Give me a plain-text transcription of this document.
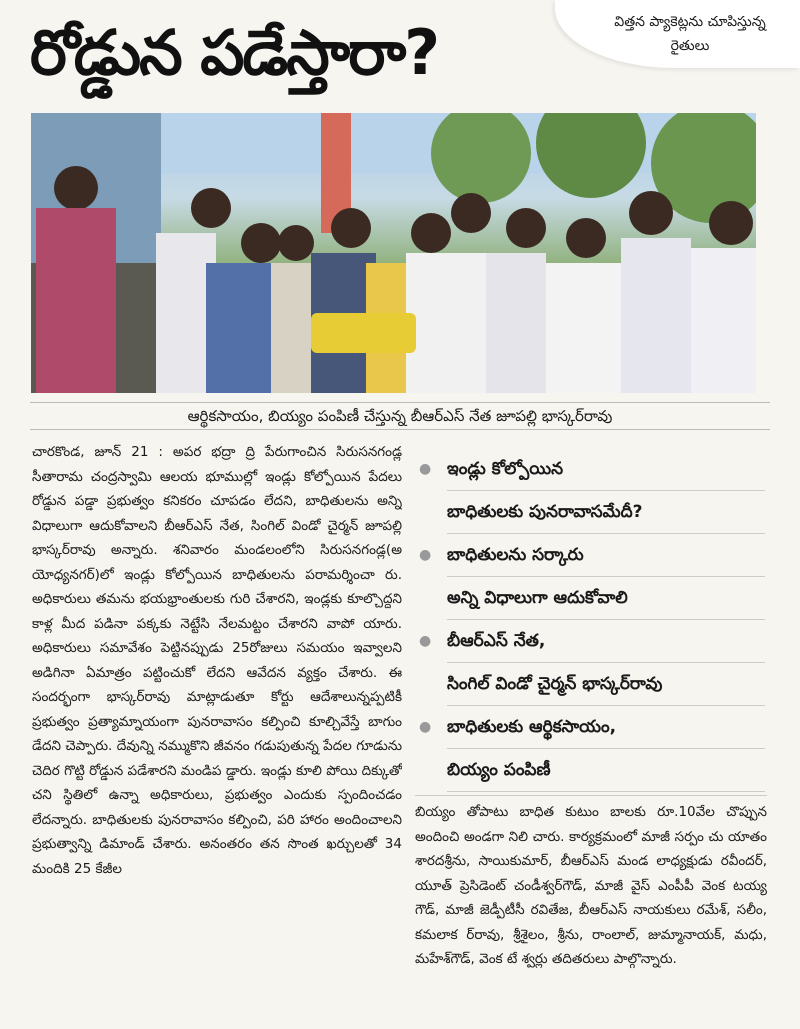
రోడ్డున పడేస్తారా?	విత్తన ప్యాకెట్లను చూపిస్తున్న
రైతులు
ఆర్థికసాయం, బియ్యం పంపిణీ చేస్తున్న బీఆర్‌ఎస్ నేత జూపల్లి భాస్కర్‌రావు
చారకొండ, జూన్ 21 : అపర భద్రా ద్రి పేరుగాంచిన సిరుసనగండ్ల సీతారామ చంద్రస్వామి ఆలయ భూముల్లో ఇండ్లు కోల్పోయిన పేదలు రోడ్డున పడ్డా ప్రభుత్వం కనికరం చూపడం లేదని, బాధితులను అన్ని విధాలుగా ఆదుకోవాలని బీఆర్‌ఎస్ నేత, సింగిల్ విండో చైర్మన్ జూపల్లి భాస్కర్‌రావు అన్నారు. శనివారం మండలంలోని సిరుసనగండ్ల(అ యోధ్యనగర్)లో ఇండ్లు కోల్పోయిన బాధితులను పరామర్శించా రు. అధికారులు తమను భయభ్రాంతులకు గురి చేశారని, ఇండ్లకు కూల్చొద్దని కాళ్ల మీద పడినా పక్కకు నెట్టేసి నేలమట్టం చేశారని వాపో యారు. అధికారులు సమావేశం పెట్టినప్పుడు 25రోజులు సమయం ఇవ్వాలని అడిగినా ఏమాత్రం పట్టించుకో లేదని ఆవేదన వ్యక్తం చేశారు. ఈ సందర్భంగా భాస్కర్‌రావు మాట్లాడుతూ కోర్టు ఆదేశాలున్నప్పటికీ ప్రభుత్వం ప్రత్యామ్నాయంగా పునరావాసం కల్పించి కూల్చివేస్తే బాగుం డేదని చెప్పారు. దేవున్ని నమ్ముకొని జీవనం గడుపుతున్న పేదల గూడును చెదిర గొట్టి రోడ్డున పడేశారని మండిప డ్డారు. ఇండ్లు కూలి పోయి దిక్కుతో చని స్థితిలో ఉన్నా అధికారులు, ప్రభుత్వం ఎందుకు స్పందించడం లేదన్నారు. బాధితులకు పునరావాసం కల్పించి, పరి హారం అందించాలని ప్రభుత్వాన్ని డిమాండ్ చేశారు. అనంతరం తన సొంత ఖర్చులతో 34 మందికి 25 కేజీల
● ఇండ్లు కోల్పోయిన
బాధితులకు పునరావాసమేదీ?
● బాధితులను సర్కారు
అన్ని విధాలుగా ఆదుకోవాలి
● బీఆర్‌ఎస్ నేత,
సింగిల్ విండో చైర్మన్ భాస్కర్‌రావు
● బాధితులకు ఆర్థికసాయం,
బియ్యం పంపిణీ
బియ్యం తోపాటు బాధిత కుటుం బాలకు రూ.10వేల చొప్పున అందించి అండగా నిలి చారు. కార్యక్రమంలో మాజీ సర్పం చు యాతం శారదశ్రీను, సాయికుమార్, బీఆర్‌ఎస్ మండ లాధ్యక్షుడు రవీందర్, యూత్ ప్రెసిడెంట్ చండీశ్వర్‌గౌడ్, మాజీ వైస్ ఎంపీపీ వెంక టయ్య గౌడ్, మాజీ జెడ్పీటీసీ రవితేజ, బీఆర్‌ఎస్ నాయకులు రమేశ్, సలీం, కమలాక ర్‌రావు, శ్రీశైలం, శ్రీను, రాంలాల్, జుమ్మానాయక్, మధు, మహేశ్‌గౌడ్, వెంక టే శ్వర్లు తదితరులు పాల్గొన్నారు.
